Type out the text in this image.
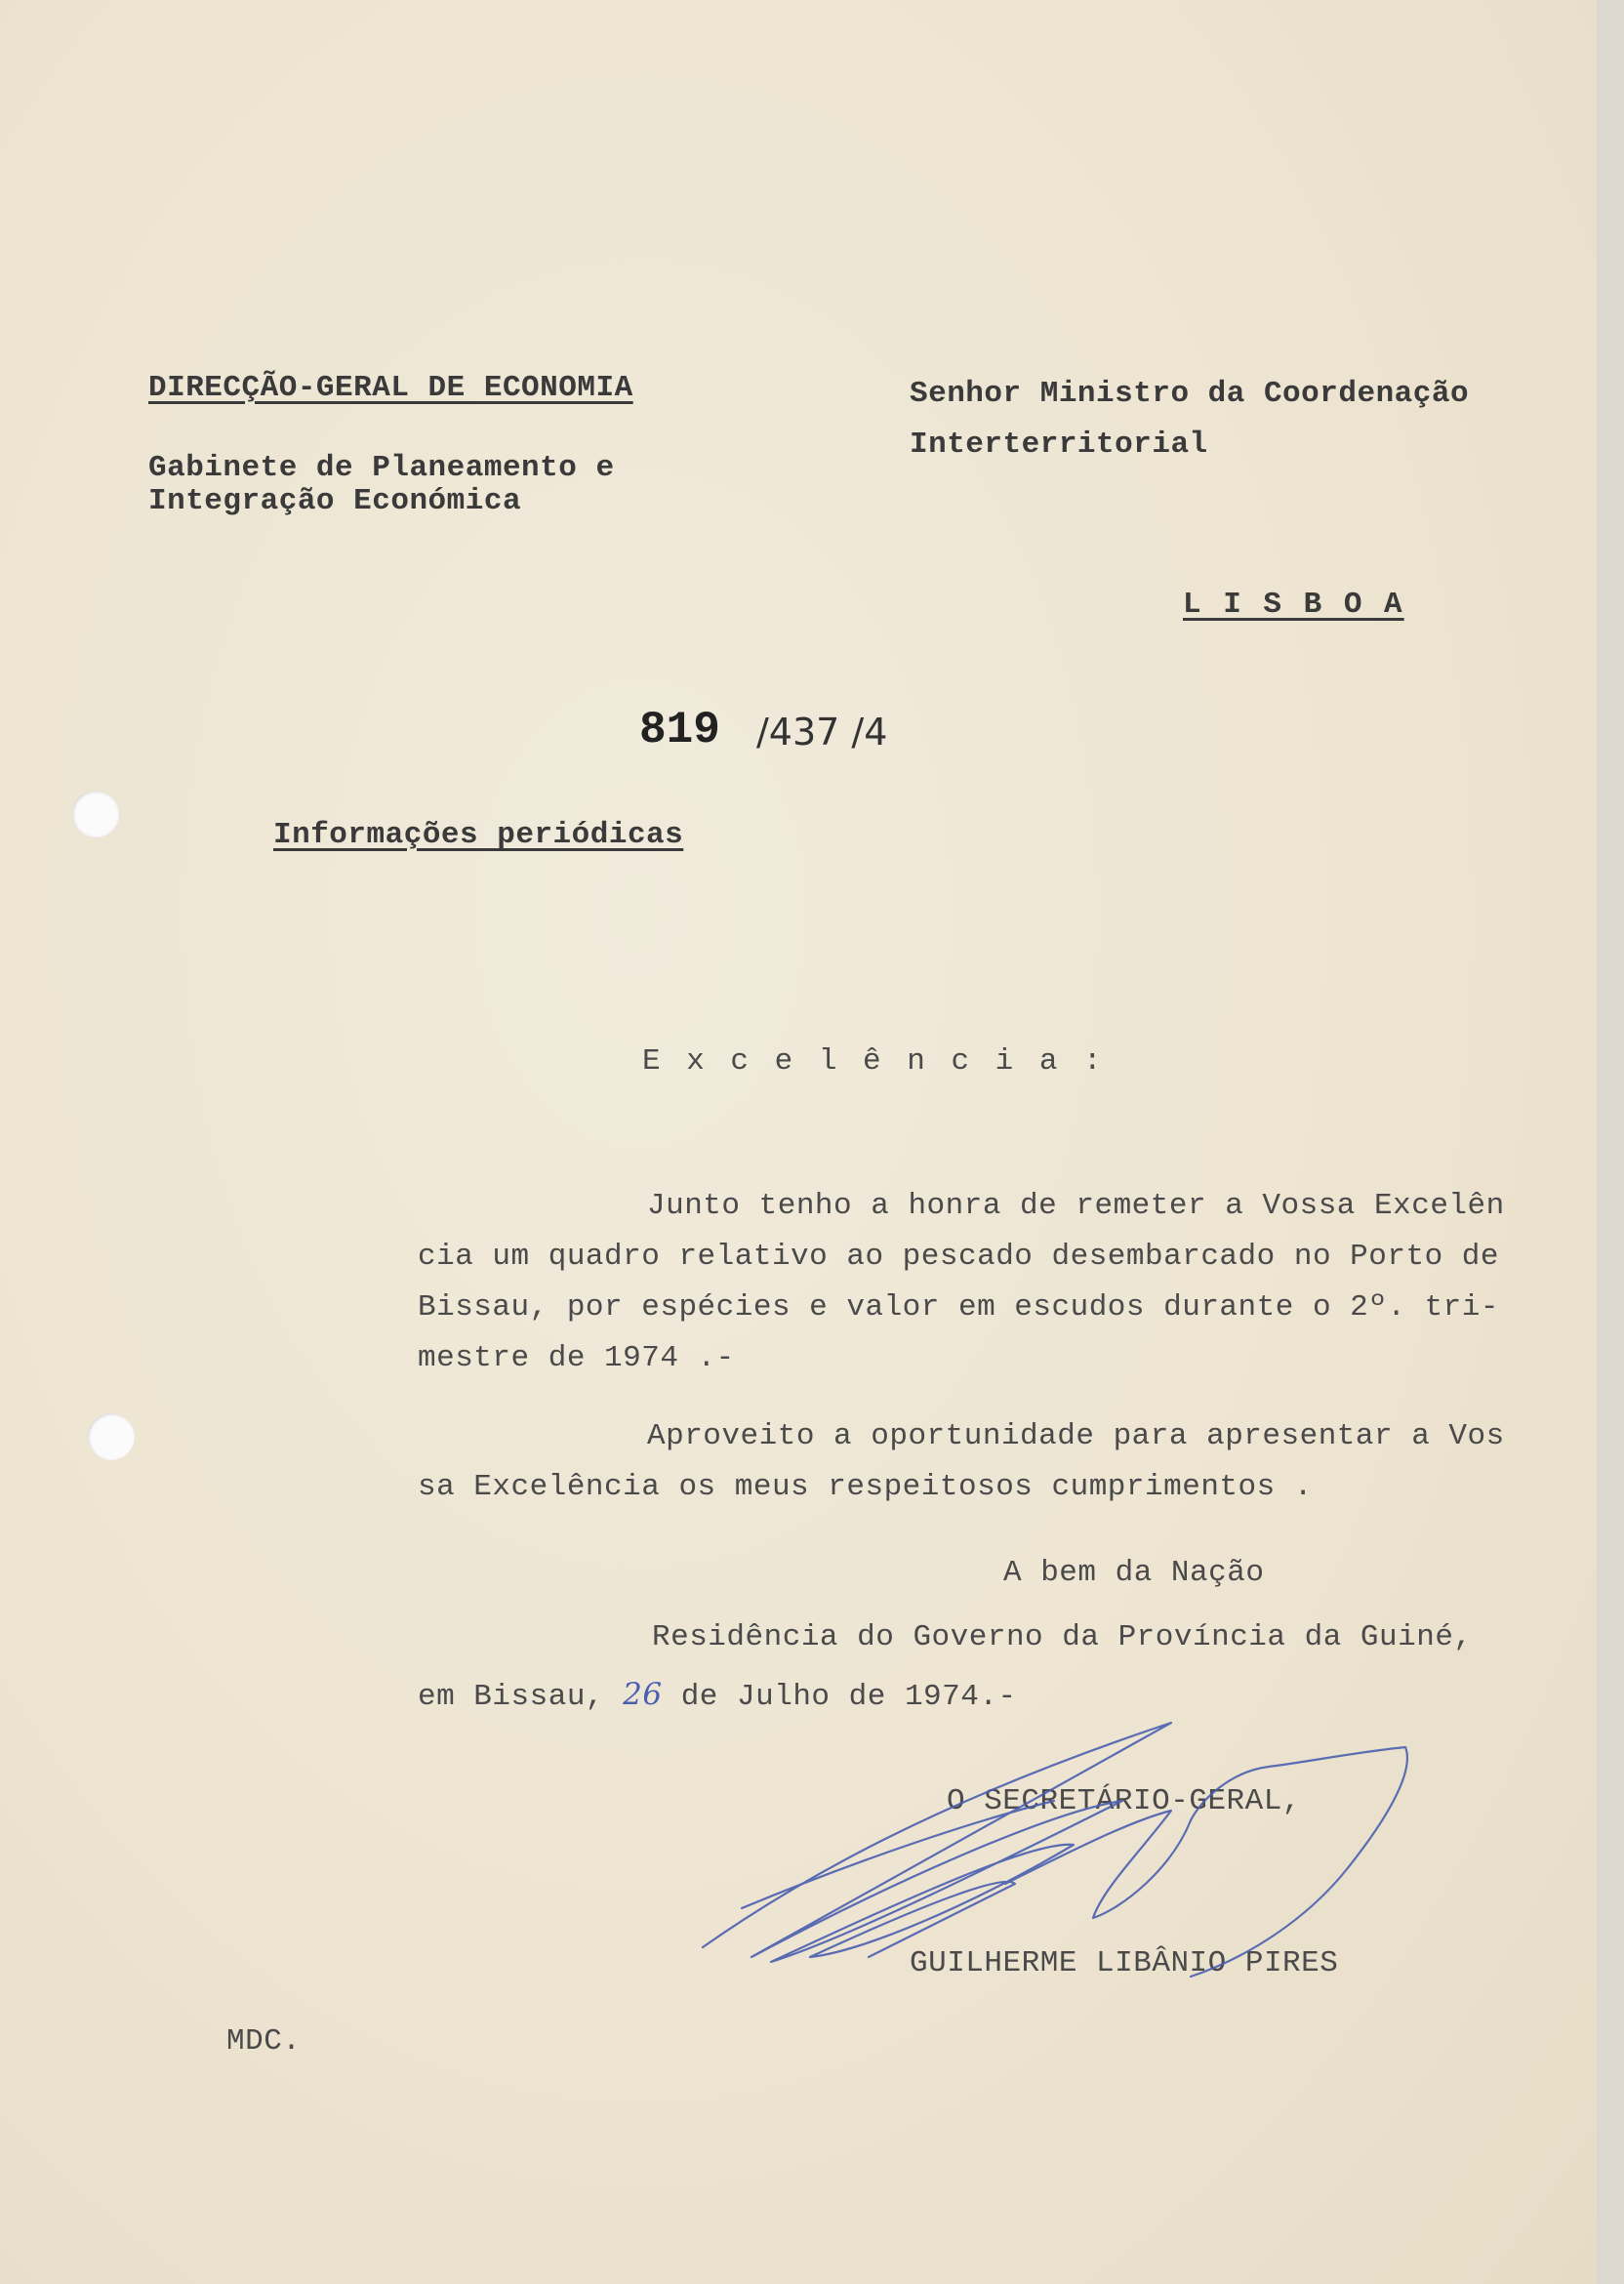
DIRECÇÃO-GERAL DE ECONOMIA

Gabinete de Planeamento e

Integração Económica

Senhor Ministro da Coordenação

Interterritorial

L I S B O A

819 /437 /4

Informações periódicas

E x c e l ê n c i a :

Junto tenho a honra de remeter a Vossa Excelên
cia um quadro relativo ao pescado desembarcado no Porto de
Bissau, por espécies e valor em escudos durante o 2º. tri-
mestre de 1974 .-

Aproveito a oportunidade para apresentar a Vos
sa Excelência os meus respeitosos cumprimentos .

A bem da Nação

Residência do Governo da Província da Guiné,

em Bissau, 26 de Julho de 1974.-

O SECRETÁRIO-GERAL,

GUILHERME LIBÂNIO PIRES

MDC.
